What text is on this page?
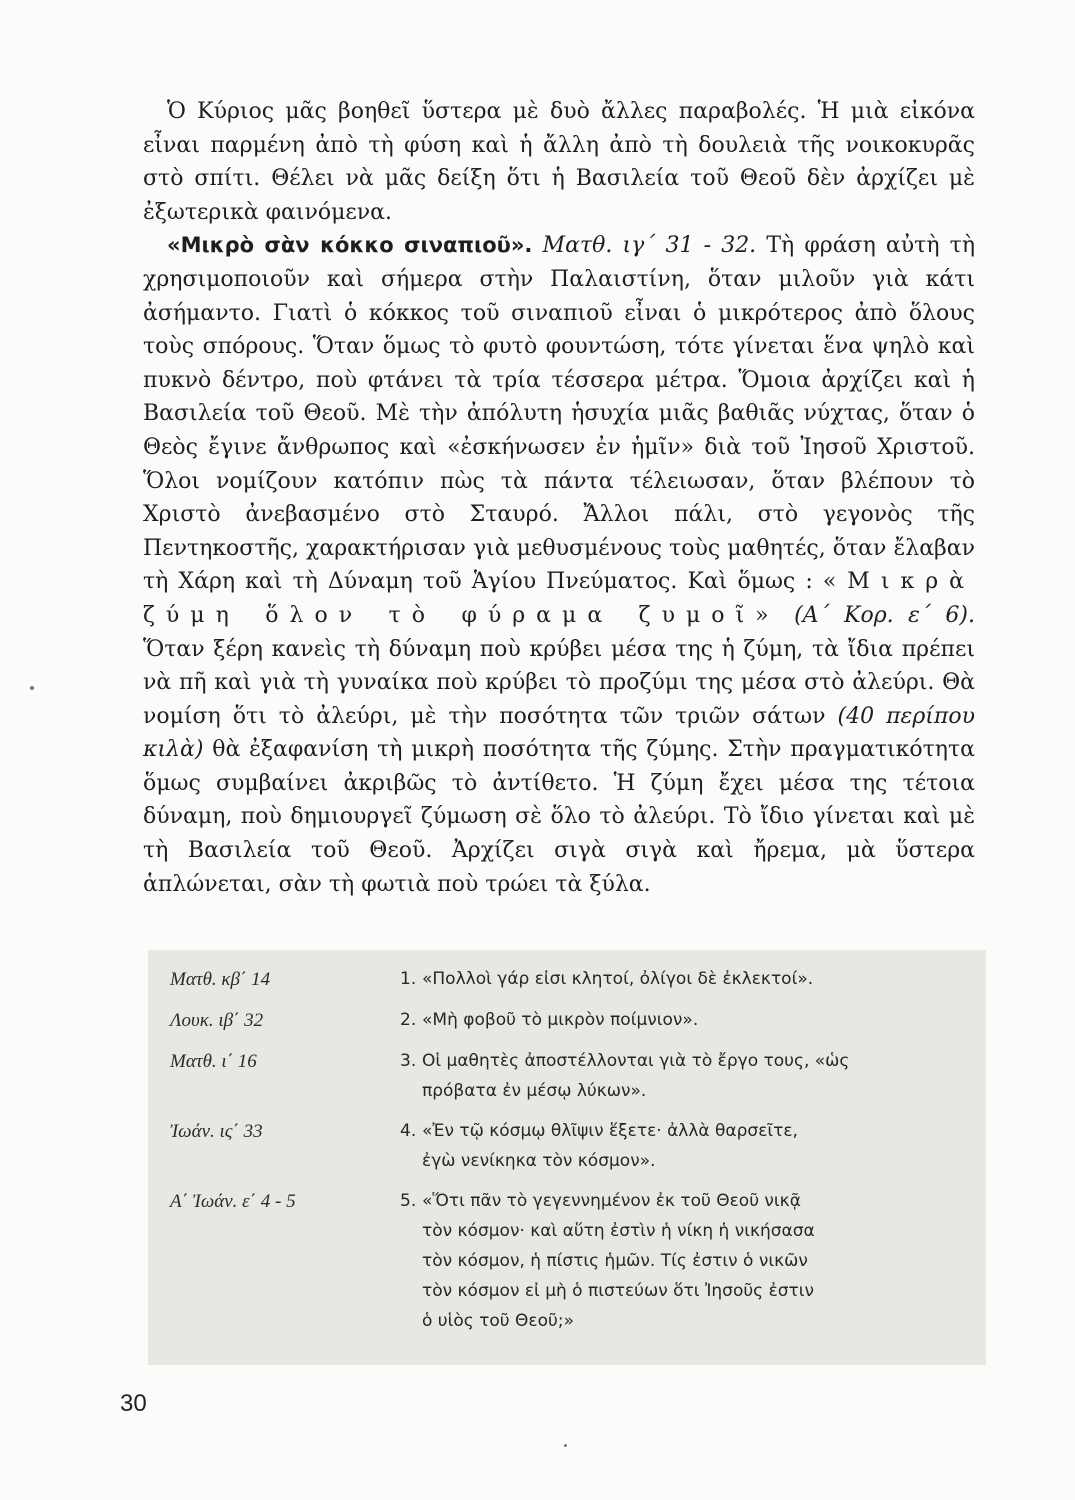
Ὁ Κύριος μᾶς βοηθεῖ ὕστερα μὲ δυὸ ἄλλες παραβολές. Ἡ μιὰ εἰκόνα εἶναι παρμένη ἀπὸ τὴ φύση καὶ ἡ ἄλλη ἀπὸ τὴ δουλειὰ τῆς νοικοκυρᾶς στὸ σπίτι. Θέλει νὰ μᾶς δείξη ὅτι ἡ Βασιλεία τοῦ Θεοῦ δὲν ἀρχίζει μὲ ἐξωτερικὰ φαινόμενα.

«Μικρὸ σὰν κόκκο σιναπιοῦ». Ματθ. ιγ΄ 31 - 32. Τὴ φράση αὐτὴ τὴ χρησιμοποιοῦν καὶ σήμερα στὴν Παλαιστίνη, ὅταν μιλοῦν γιὰ κάτι ἀσήμαντο. Γιατὶ ὁ κόκκος τοῦ σιναπιοῦ εἶναι ὁ μικρότερος ἀπὸ ὅλους τοὺς σπόρους. Ὅταν ὅμως τὸ φυτὸ φουντώση, τότε γίνεται ἕνα ψηλὸ καὶ πυκνὸ δέντρο, ποὺ φτάνει τὰ τρία τέσσερα μέτρα. Ὅμοια ἀρχίζει καὶ ἡ Βασιλεία τοῦ Θεοῦ. Μὲ τὴν ἀπόλυτη ἡσυχία μιᾶς βαθιᾶς νύχτας, ὅταν ὁ Θεὸς ἔγινε ἄνθρωπος καὶ «ἐσκήνωσεν ἐν ἡμῖν» διὰ τοῦ Ἰησοῦ Χριστοῦ. Ὅλοι νομίζουν κατόπιν πὼς τὰ πάντα τέλειωσαν, ὅταν βλέπουν τὸ Χριστὸ ἀνεβασμένο στὸ Σταυρό. Ἄλλοι πάλι, στὸ γεγονὸς τῆς Πεντηκοστῆς, χαρακτήρισαν γιὰ μεθυσμένους τοὺς μαθητές, ὅταν ἔλαβαν τὴ Χάρη καὶ τὴ Δύναμη τοῦ Ἁγίου Πνεύματος. Καὶ ὅμως : «Μικρὰ ζύμη ὅλον τὸ φύραμα ζυμοῖ» (Α΄ Κορ. ε΄ 6). Ὅταν ξέρη κανεὶς τὴ δύναμη ποὺ κρύβει μέσα της ἡ ζύμη, τὰ ἴδια πρέπει νὰ πῆ καὶ γιὰ τὴ γυναίκα ποὺ κρύβει τὸ προζύμι της μέσα στὸ ἀλεύρι. Θὰ νομίση ὅτι τὸ ἀλεύρι, μὲ τὴν ποσότητα τῶν τριῶν σάτων (40 περίπου κιλὰ) θὰ ἐξαφανίση τὴ μικρὴ ποσότητα τῆς ζύμης. Στὴν πραγματικότητα ὅμως συμβαίνει ἀκριβῶς τὸ ἀντίθετο. Ἡ ζύμη ἔχει μέσα της τέτοια δύναμη, ποὺ δημιουργεῖ ζύμωση σὲ ὅλο τὸ ἀλεύρι. Τὸ ἴδιο γίνεται καὶ μὲ τὴ Βασιλεία τοῦ Θεοῦ. Ἀρχίζει σιγὰ σιγὰ καὶ ἤρεμα, μὰ ὕστερα ἁπλώνεται, σὰν τὴ φωτιὰ ποὺ τρώει τὰ ξύλα.

Ματθ. κβ΄ 14	1. «Πολλοὶ γάρ εἰσι κλητοί, ὀλίγοι δὲ ἐκλεκτοί».
Λουκ. ιβ΄ 32	2. «Μὴ φοβοῦ τὸ μικρὸν ποίμνιον».
Ματθ. ι΄ 16	3. Οἱ μαθητὲς ἀποστέλλονται γιὰ τὸ ἔργο τους, «ὡς
πρόβατα ἐν μέσῳ λύκων».
Ἰωάν. ις΄ 33	4. «Ἐν τῷ κόσμῳ θλῖψιν ἕξετε· ἀλλὰ θαρσεῖτε,
ἐγὼ νενίκηκα τὸν κόσμον».
Α΄ Ἰωάν. ε΄ 4 - 5	5. «Ὅτι πᾶν τὸ γεγεννημένον ἐκ τοῦ Θεοῦ νικᾷ
τὸν κόσμον· καὶ αὕτη ἐστὶν ἡ νίκη ἡ νικήσασα
τὸν κόσμον, ἡ πίστις ἡμῶν. Τίς ἐστιν ὁ νικῶν
τὸν κόσμον εἰ μὴ ὁ πιστεύων ὅτι Ἰησοῦς ἐστιν
ὁ υἱὸς τοῦ Θεοῦ;»
30
